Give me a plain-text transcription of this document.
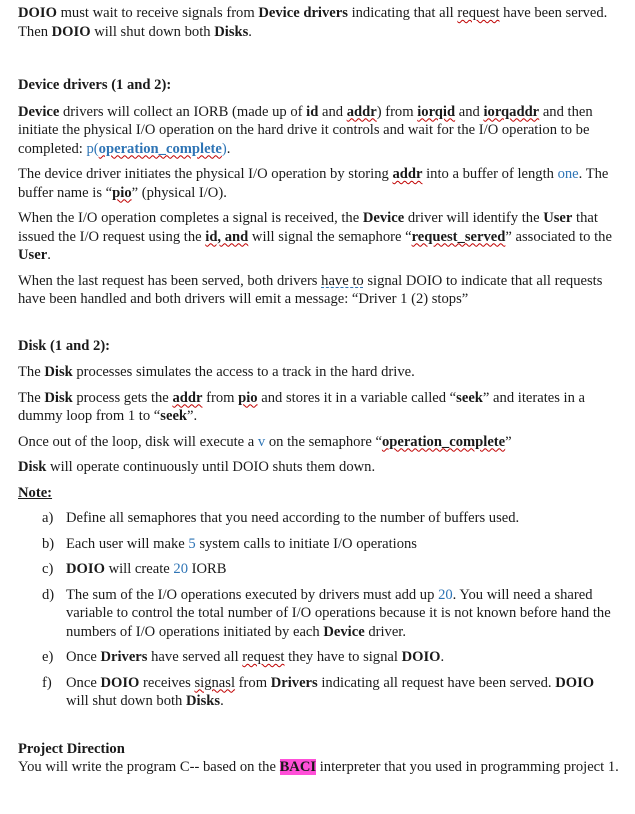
DOIO must wait to receive signals from Device drivers indicating that all request have been served. Then DOIO will shut down both Disks.

Device drivers (1 and 2):

Device drivers will collect an IORB (made up of id and addr) from iorqid and iorqaddr and then initiate the physical I/O operation on the hard drive it controls and wait for the I/O operation to be completed: p(operation_complete).

The device driver initiates the physical I/O operation by storing addr into a buffer of length one. The buffer name is “pio” (physical I/O).

When the I/O operation completes a signal is received, the Device driver will identify the User that issued the I/O request using the id, and will signal the semaphore “request_served” associated to the User.

When the last request has been served, both drivers have to signal DOIO to indicate that all requests have been handled and both drivers will emit a message: “Driver 1 (2) stops”

Disk (1 and 2):

The Disk processes simulates the access to a track in the hard drive.

The Disk process gets the addr from pio and stores it in a variable called “seek” and iterates in a dummy loop from 1 to “seek”.

Once out of the loop, disk will execute a v on the semaphore “operation_complete”

Disk will operate continuously until DOIO shuts them down.

Note:

a) Define all semaphores that you need according to the number of buffers used.
b) Each user will make 5 system calls to initiate I/O operations
c) DOIO will create 20 IORB
d) The sum of the I/O operations executed by drivers must add up 20. You will need a shared variable to control the total number of I/O operations because it is not known before hand the numbers of I/O operations initiated by each Device driver.
e) Once Drivers have served all request they have to signal DOIO.
f) Once DOIO receives signasl from Drivers indicating all request have been served. DOIO will shut down both Disks.
Project Direction

You will write the program C-- based on the BACI interpreter that you used in programming project 1.
